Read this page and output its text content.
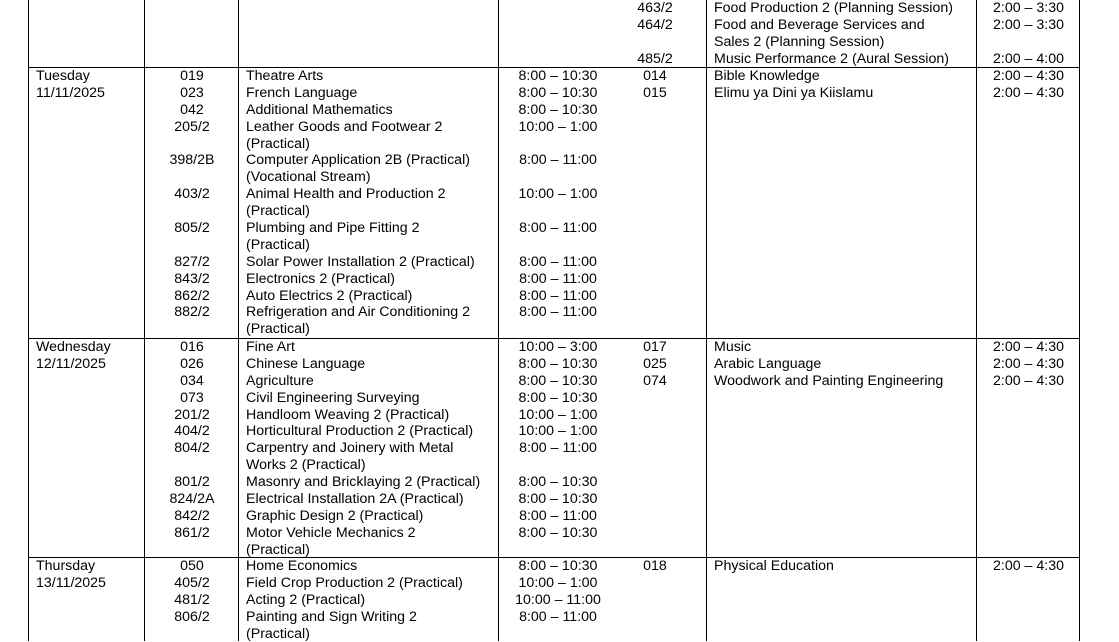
463/2
464/2
485/2
Food Production 2 (Planning Session)
Food and Beverage Services and
Sales 2 (Planning Session)
Music Performance 2 (Aural Session)
2:00 – 3:30
2:00 – 3:30
2:00 – 4:00
Tuesday
11/11/2025
019
023
042
205/2
398/2B
403/2
805/2
827/2
843/2
862/2
882/2
Theatre Arts
French Language
Additional Mathematics
Leather Goods and Footwear 2
(Practical)
Computer Application 2B (Practical)
(Vocational Stream)
Animal Health and Production 2
(Practical)
Plumbing and Pipe Fitting 2
(Practical)
Solar Power Installation 2 (Practical)
Electronics 2 (Practical)
Auto Electrics 2 (Practical)
Refrigeration and Air Conditioning 2
(Practical)
8:00 – 10:30
8:00 – 10:30
8:00 – 10:30
10:00 – 1:00
8:00 – 11:00
10:00 – 1:00
8:00 – 11:00
8:00 – 11:00
8:00 – 11:00
8:00 – 11:00
8:00 – 11:00
014
015
Bible Knowledge
Elimu ya Dini ya Kiislamu
2:00 – 4:30
2:00 – 4:30
Wednesday
12/11/2025
016
026
034
073
201/2
404/2
804/2
801/2
824/2A
842/2
861/2
Fine Art
Chinese Language
Agriculture
Civil Engineering Surveying
Handloom Weaving 2 (Practical)
Horticultural Production 2 (Practical)
Carpentry and Joinery with Metal
Works 2 (Practical)
Masonry and Bricklaying 2 (Practical)
Electrical Installation 2A (Practical)
Graphic Design 2 (Practical)
Motor Vehicle Mechanics 2
(Practical)
10:00 – 3:00
8:00 – 10:30
8:00 – 10:30
8:00 – 10:30
10:00 – 1:00
10:00 – 1:00
8:00 – 11:00
8:00 – 10:30
8:00 – 10:30
8:00 – 11:00
8:00 – 10:30
017
025
074
Music
Arabic Language
Woodwork and Painting Engineering
2:00 – 4:30
2:00 – 4:30
2:00 – 4:30
Thursday
13/11/2025
050
405/2
481/2
806/2
Home Economics
Field Crop Production 2 (Practical)
Acting 2 (Practical)
Painting and Sign Writing 2
(Practical)
8:00 – 10:30
10:00 – 1:00
10:00 – 11:00
8:00 – 11:00
018	Physical Education	2:00 – 4:30
